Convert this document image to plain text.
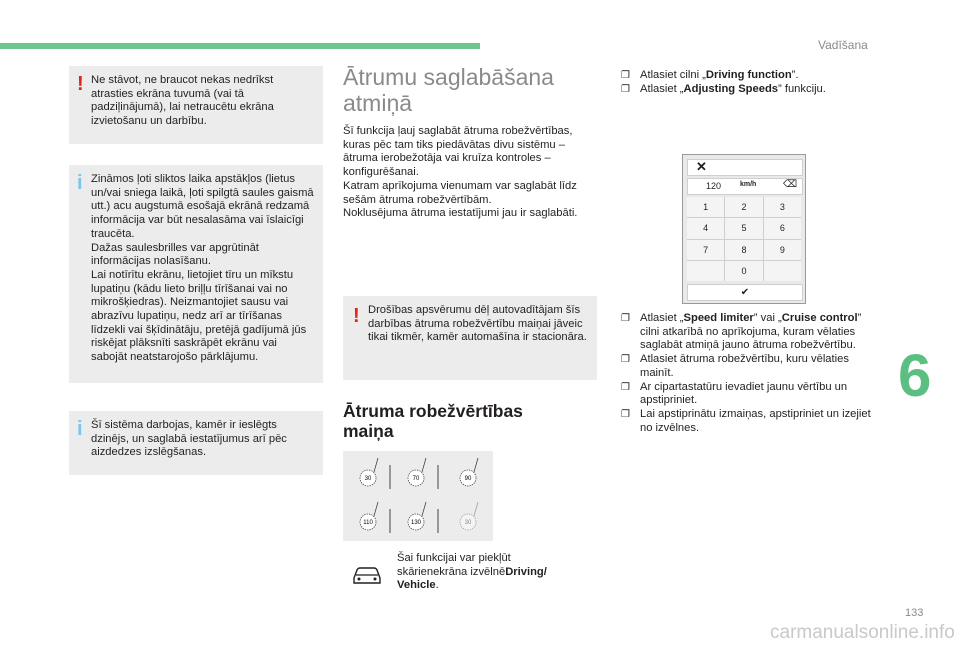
Vadīšana
6
133
! Ne stāvot, ne braucot nekas nedrīkst atrasties ekrāna tuvumā (vai tā padziļinājumā), lai netraucētu ekrāna izvietošanu un darbību.
i Zināmos ļoti sliktos laika apstākļos (lietus un/vai sniega laikā, ļoti spilgtā saules gaismā utt.) acu augstumā esošajā ekrānā redzamā informācija var būt nesalasāma vai īslaicīgi traucēta.
Dažas saulesbrilles var apgrūtināt informācijas nolasīšanu.
Lai notīrītu ekrānu, lietojiet tīru un mīkstu lupatiņu (kādu lieto briļļu tīrīšanai vai no mikrošķiedras). Neizmantojiet sausu vai abrazīvu lupatiņu, nedz arī ar tīrīšanas līdzekli vai šķīdinātāju, pretējā gadījumā jūs riskējat plāksnīti saskrāpēt ekrānu vai sabojāt neatstarojošo pārklājumu.
i Šī sistēma darbojas, kamēr ir ieslēgts dzinējs, un saglabā iestatījumus arī pēc aizdedzes izslēgšanas.
Ātrumu saglabāšana atmiņā
Šī funkcija ļauj saglabāt ātruma robežvērtības, kuras pēc tam tiks piedāvātas divu sistēmu – ātruma ierobežotāja vai kruīza kontroles – konfigurēšanai.
Katram aprīkojuma vienumam var saglabāt līdz sešām ātruma robežvērtībām.
Noklusējuma ātruma iestatījumi jau ir saglabāti.
! Drošības apsvērumu dēļ autovadītājam šīs darbības ātruma robežvērtību maiņai jāveic tikai tikmēr, kamēr automašīna ir stacionāra.
Ātruma robežvērtības maiņa
30	70	90
110	130	30
Šai funkcijai var piekļūt skārienekrāna izvēlnēDriving/ Vehicle.
❐ Atlasiet cilni „Driving function”.
❐ Atlasiet „Adjusting Speeds” funkciju.
✕
120	km/h	⌫
1	2	3
4	5	6
7	8	9
0
✔
❐ Atlasiet „Speed limiter” vai „Cruise control” cilni atkarībā no aprīkojuma, kuram vēlaties saglabāt atmiņā jauno ātruma robežvērtību.
❐ Atlasiet ātruma robežvērtību, kuru vēlaties mainīt.
❐ Ar cipartastatūru ievadiet jaunu vērtību un apstipriniet.
❐ Lai apstiprinātu izmaiņas, apstipriniet un izejiet no izvēlnes.
carmanualsonline.info
